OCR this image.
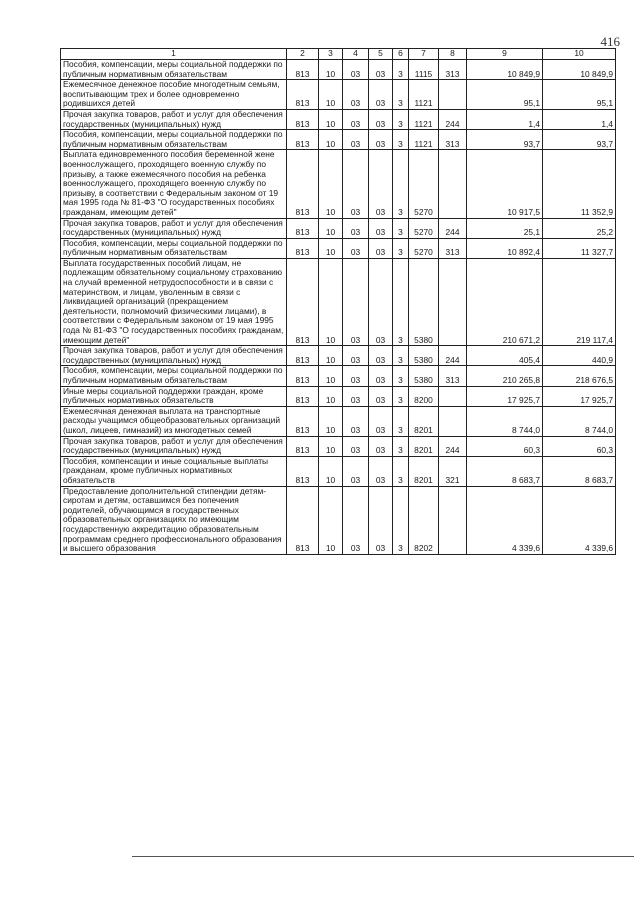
416
1	2	3	4	5	6	7	8	9	10
Пособия, компенсации, меры социальной поддержки по публичным нормативным обязательствам	813	10	03	03	3	1115	313	10 849,9	10 849,9
Ежемесячное денежное пособие многодетным семьям, воспитывающим трех и более одновременно родившихся детей	813	10	03	03	3	1121		95,1	95,1
Прочая закупка товаров, работ и услуг для обеспечения государственных (муниципальных) нужд	813	10	03	03	3	1121	244	1,4	1,4
Пособия, компенсации, меры социальной поддержки по публичным нормативным обязательствам	813	10	03	03	3	1121	313	93,7	93,7
Выплата единовременного пособия беременной жене военнослужащего, проходящего военную службу по призыву, а также ежемесячного пособия на ребенка военнослужащего, проходящего военную службу по призыву, в соответствии с Федеральным законом от 19 мая 1995 года № 81-ФЗ "О государственных пособиях гражданам, имеющим детей"	813	10	03	03	3	5270		10 917,5	11 352,9
Прочая закупка товаров, работ и услуг для обеспечения государственных (муниципальных) нужд	813	10	03	03	3	5270	244	25,1	25,2
Пособия, компенсации, меры социальной поддержки по публичным нормативным обязательствам	813	10	03	03	3	5270	313	10 892,4	11 327,7
Выплата государственных пособий лицам, не подлежащим обязательному социальному страхованию на случай временной нетрудоспособности и в связи с материнством, и лицам, уволенным в связи с ликвидацией организаций (прекращением деятельности, полномочий физическими лицами), в соответствии с Федеральным законом от 19 мая 1995 года № 81-ФЗ "О государственных пособиях гражданам, имеющим детей"	813	10	03	03	3	5380		210 671,2	219 117,4
Прочая закупка товаров, работ и услуг для обеспечения государственных (муниципальных) нужд	813	10	03	03	3	5380	244	405,4	440,9
Пособия, компенсации, меры социальной поддержки по публичным нормативным обязательствам	813	10	03	03	3	5380	313	210 265,8	218 676,5
Иные меры социальной поддержки граждан, кроме публичных нормативных обязательств	813	10	03	03	3	8200		17 925,7	17 925,7
Ежемесячная денежная выплата на транспортные расходы учащимся общеобразовательных организаций (школ, лицеев, гимназий) из многодетных семей	813	10	03	03	3	8201		8 744,0	8 744,0
Прочая закупка товаров, работ и услуг для обеспечения государственных (муниципальных) нужд	813	10	03	03	3	8201	244	60,3	60,3
Пособия, компенсации и иные социальные выплаты гражданам, кроме публичных нормативных обязательств	813	10	03	03	3	8201	321	8 683,7	8 683,7
Предоставление дополнительной стипендии детям-сиротам и детям, оставшимся без попечения родителей, обучающимся в государственных образовательных организациях по имеющим государственную аккредитацию образовательным программам среднего профессионального образования и высшего образования	813	10	03	03	3	8202		4 339,6	4 339,6
